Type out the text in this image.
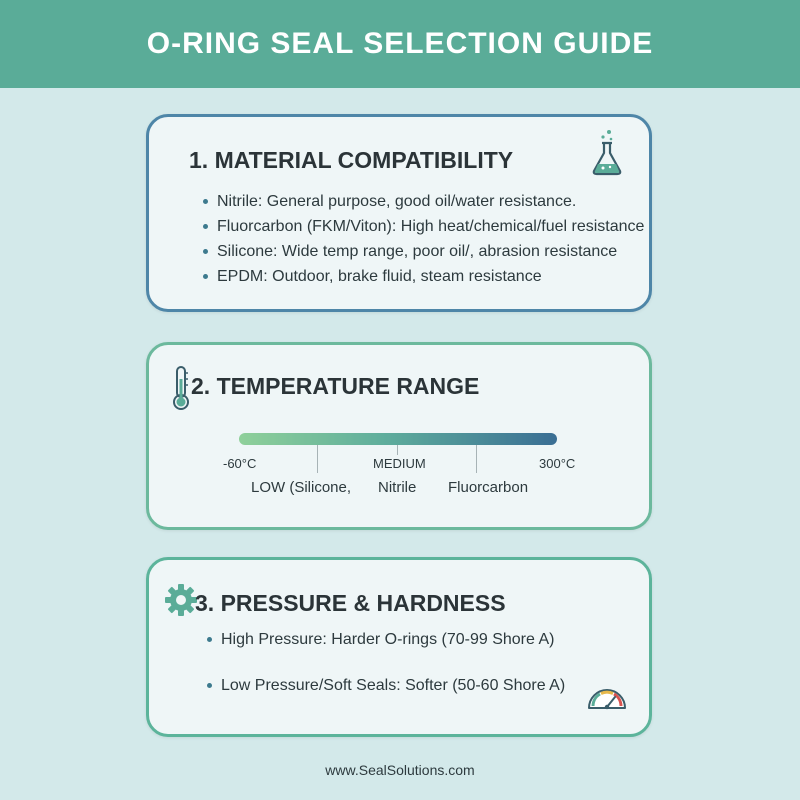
O-RING SEAL SELECTION GUIDE
1. MATERIAL COMPATIBILITY
Nitrile: General purpose, good oil/water resistance.
Fluorcarbon (FKM/Viton): High heat/chemical/fuel resistance
Silicone: Wide temp range, poor oil/, abrasion resistance
EPDM: Outdoor, brake fluid, steam resistance
2. TEMPERATURE RANGE
-60°C	MEDIUM	300°C
LOW (Silicone, Nitrile Fluorcarbon
3. PRESSURE & HARDNESS
High Pressure: Harder O-rings (70-99 Shore A)
Low Pressure/Soft Seals: Softer (50-60 Shore A)
www.SealSolutions.com
